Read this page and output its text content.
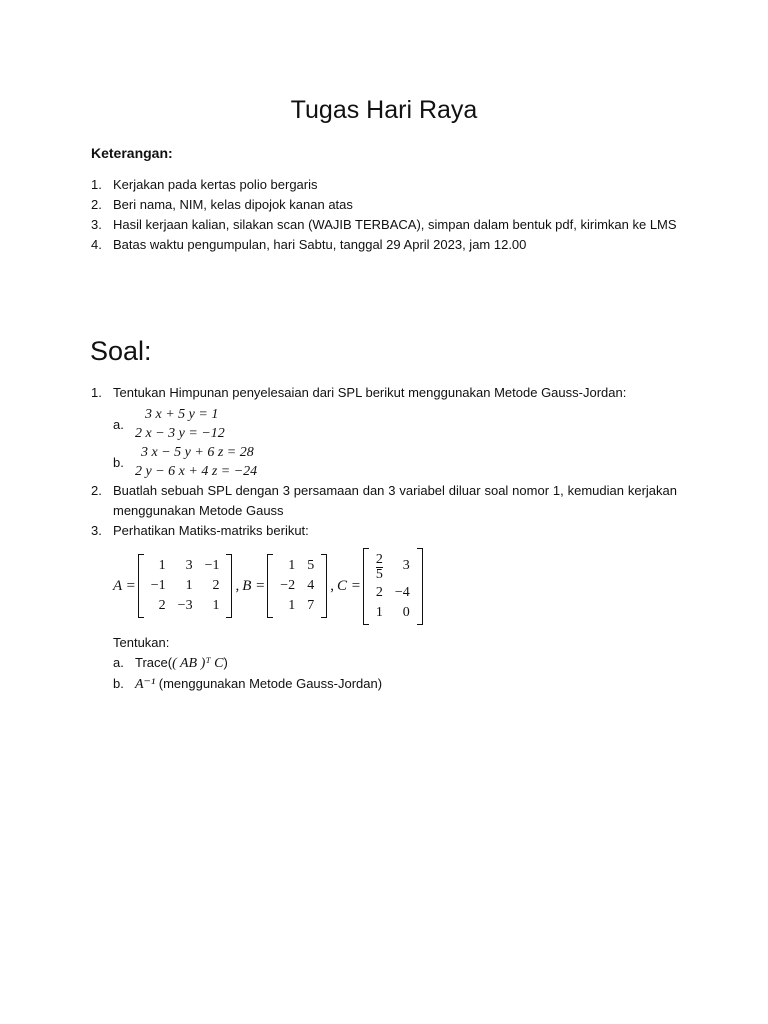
Tugas Hari Raya
Keterangan:
1. Kerjakan pada kertas polio bergaris
2. Beri nama, NIM, kelas dipojok kanan atas
3. Hasil kerjaan kalian, silakan scan (WAJIB TERBACA), simpan dalam bentuk pdf, kirimkan ke LMS
4. Batas waktu pengumpulan, hari Sabtu, tanggal 29 April 2023, jam 12.00
Soal:
1. Tentukan Himpunan penyelesaian dari SPL berikut menggunakan Metode Gauss-Jordan:
a.
3 x + 5 y = 1
2 x − 3 y = −12
b.
3 x − 5 y + 6 z = 28
2 y − 6 x + 4 z = −24
2. Buatlah sebuah SPL dengan 3 persamaan dan 3 variabel diluar soal nomor 1, kemudian kerjakan menggunakan Metode Gauss
3. Perhatikan Matiks-matriks berikut:
A =
1	3 −1
−1	1	2
2 −3	1
, B =
1 5
−2 4
1 7
, C =
$\frac{2}{5}$	3
2 −4
1	0
Tentukan:
a. Trace(( AB )ᵀ C)
b. A⁻¹ (menggunakan Metode Gauss-Jordan)
